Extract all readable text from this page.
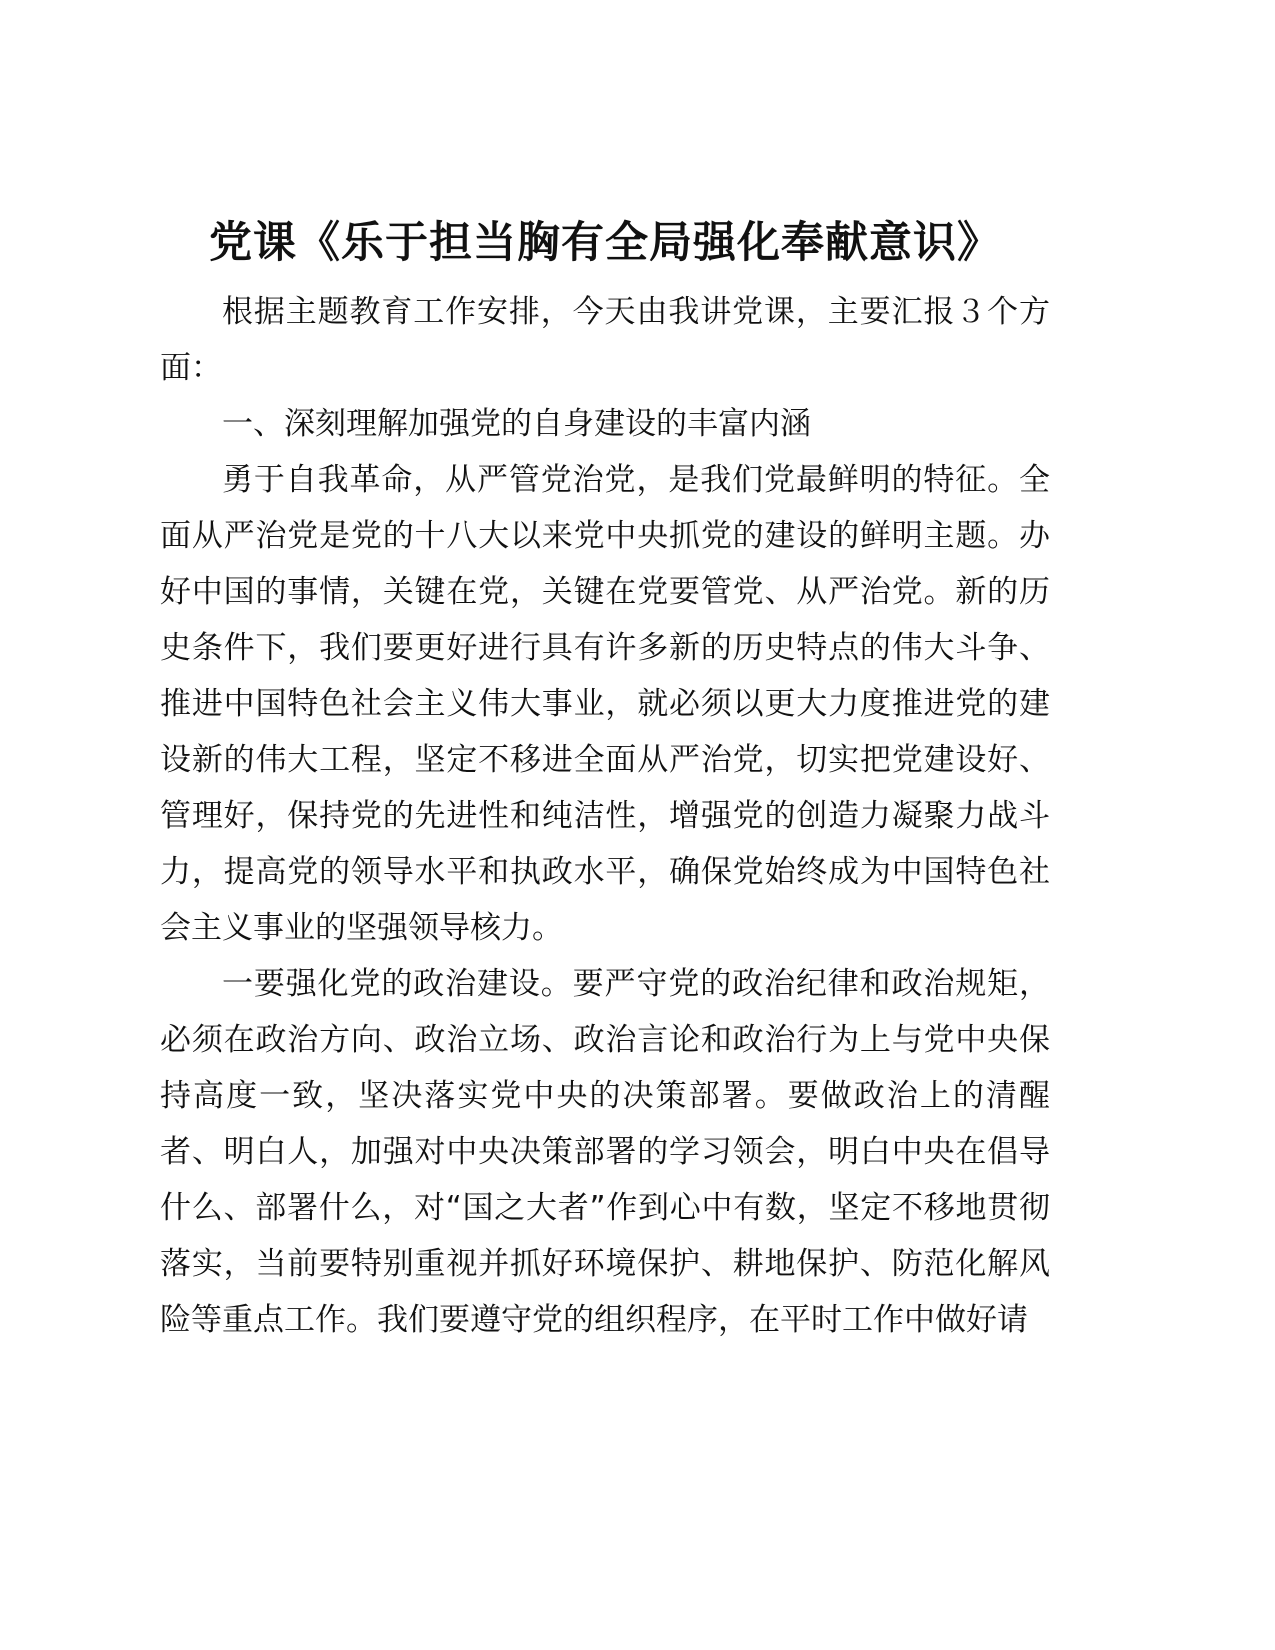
党课《乐于担当胸有全局强化奉献意识》

根据主题教育工作安排，今天由我讲党课，主要汇报３个方面：

一、深刻理解加强党的自身建设的丰富内涵

勇于自我革命，从严管党治党，是我们党最鲜明的特征。全面从严治党是党的十八大以来党中央抓党的建设的鲜明主题。办好中国的事情，关键在党，关键在党要管党、从严治党。新的历史条件下，我们要更好进行具有许多新的历史特点的伟大斗争、推进中国特色社会主义伟大事业，就必须以更大力度推进党的建设新的伟大工程，坚定不移进全面从严治党，切实把党建设好、管理好，保持党的先进性和纯洁性，增强党的创造力凝聚力战斗力，提高党的领导水平和执政水平，确保党始终成为中国特色社会主义事业的坚强领导核力。

一要强化党的政治建设。要严守党的政治纪律和政治规矩，必须在政治方向、政治立场、政治言论和政治行为上与党中央保持高度一致，坚决落实党中央的决策部署。要做政治上的清醒者、明白人，加强对中央决策部署的学习领会，明白中央在倡导什么、部署什么，对“国之大者”作到心中有数，坚定不移地贯彻落实，当前要特别重视并抓好环境保护、耕地保护、防范化解风险等重点工作。我们要遵守党的组织程序，在平时工作中做好请
